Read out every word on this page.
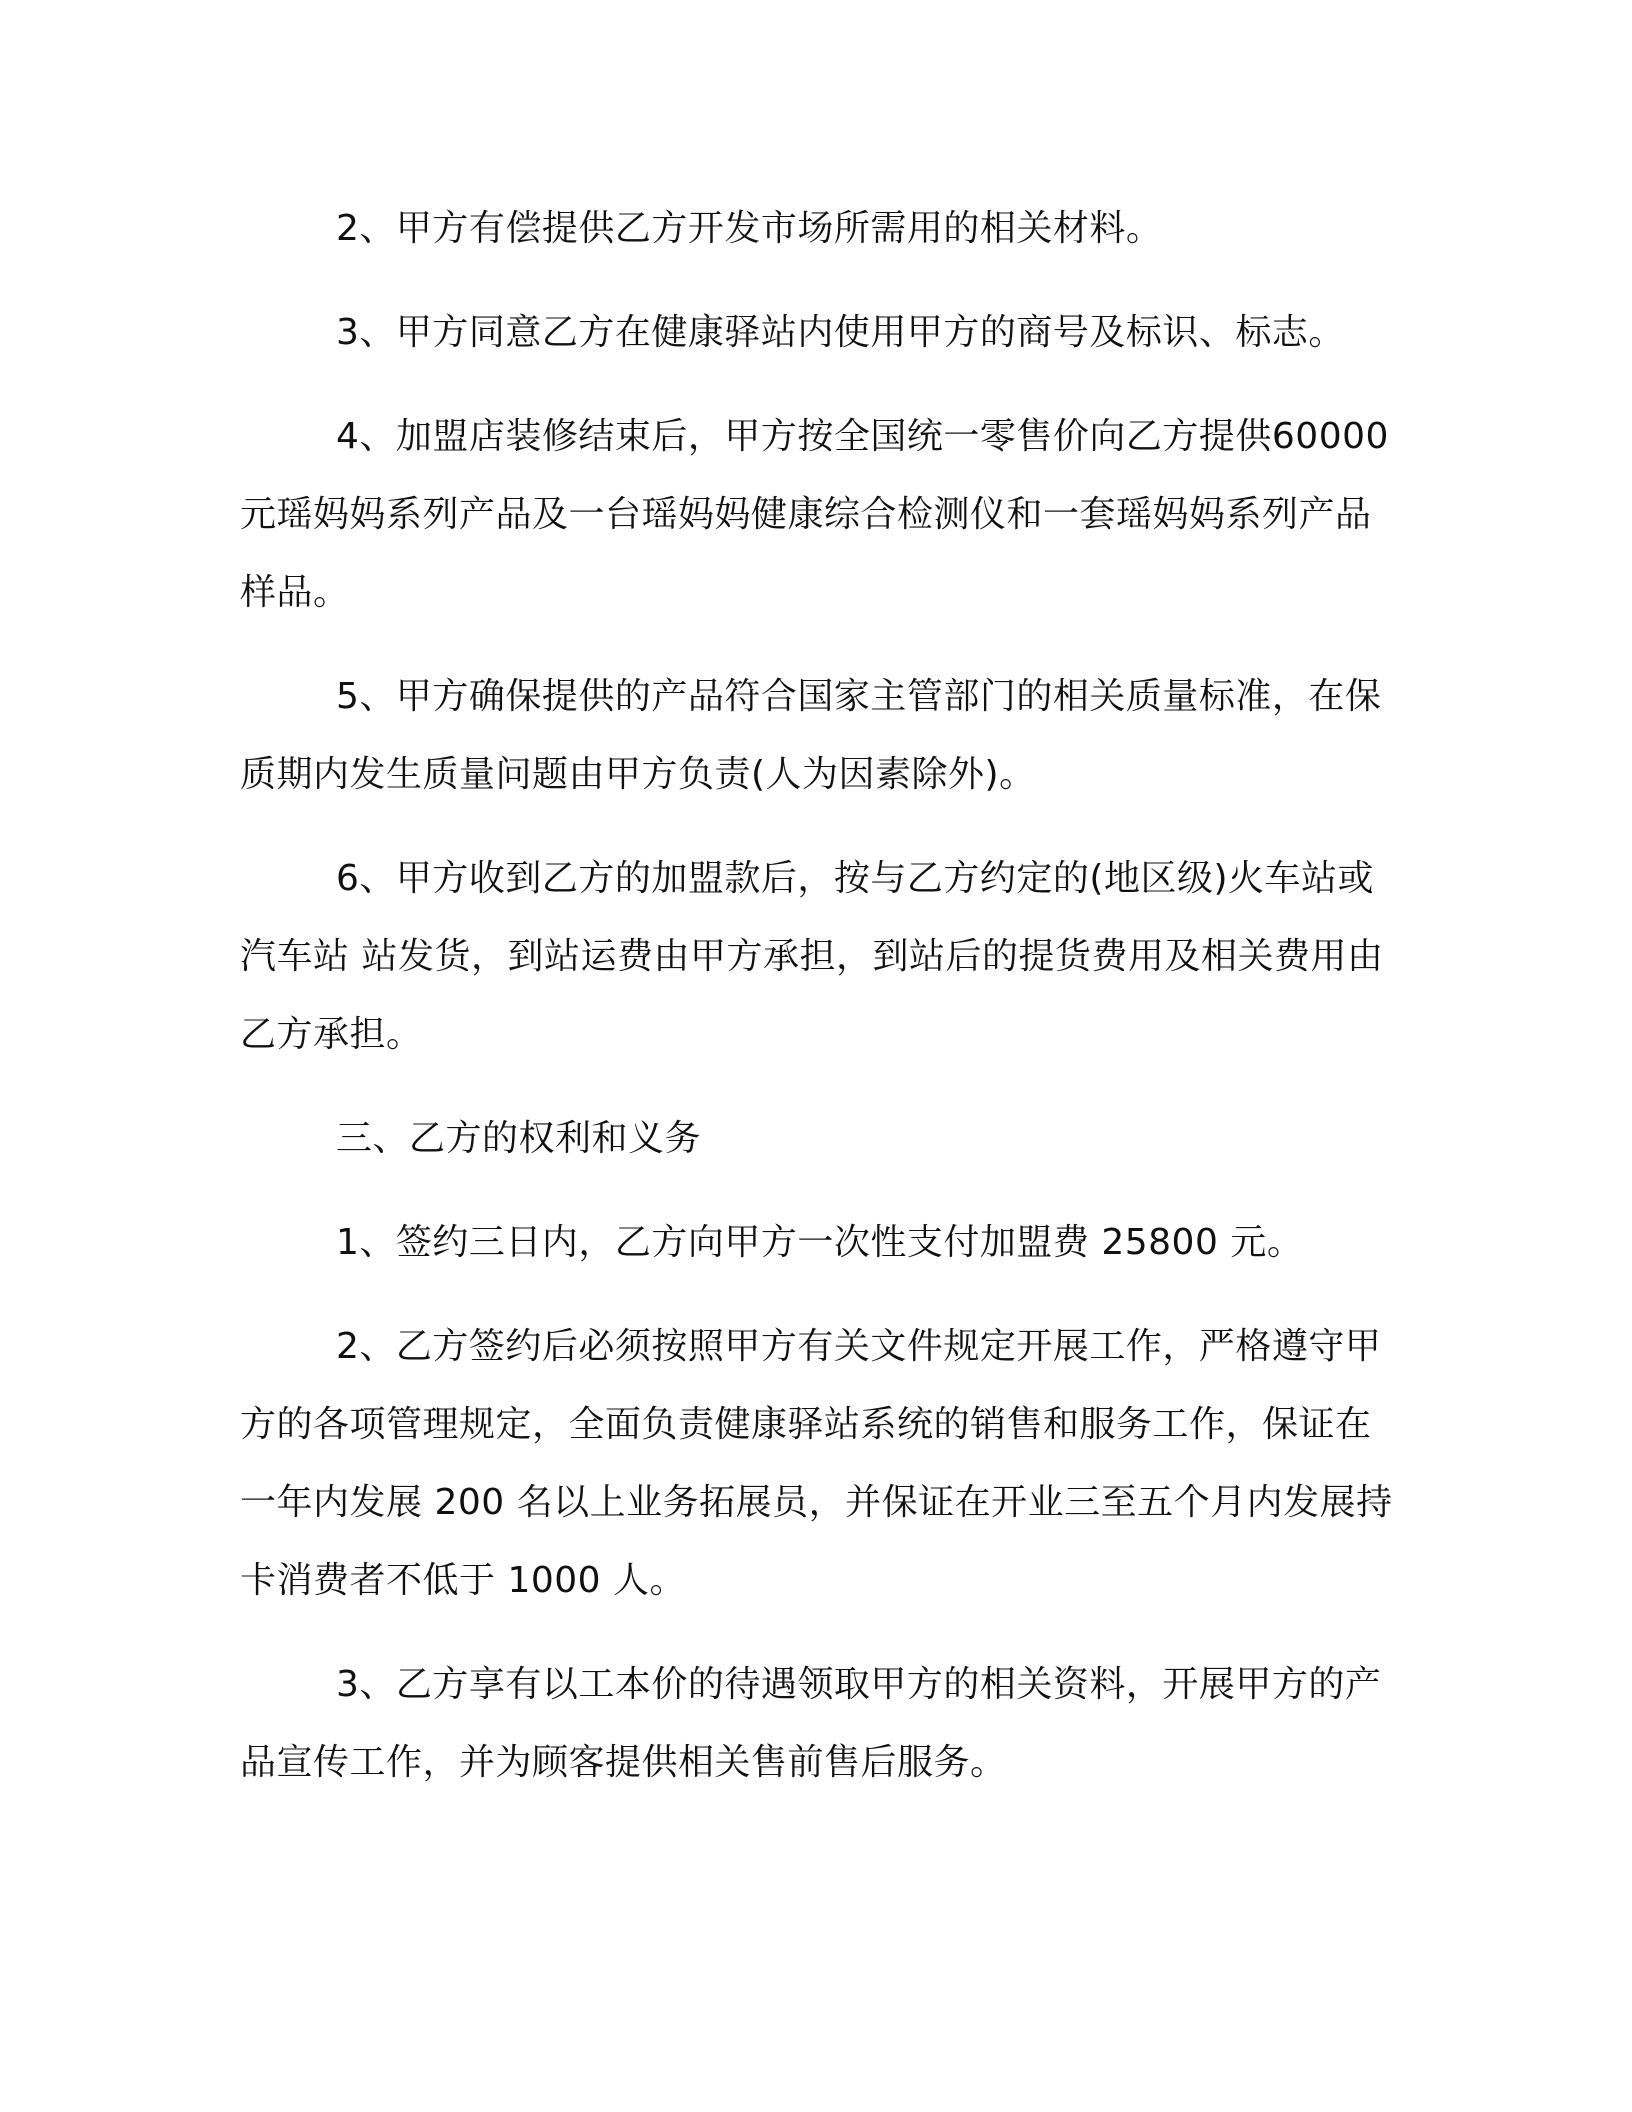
2、甲方有偿提供乙方开发市场所需用的相关材料。

3、甲方同意乙方在健康驿站内使用甲方的商号及标识、标志。

4、加盟店装修结束后，甲方按全国统一零售价向乙方提供60000 元瑶妈妈系列产品及一台瑶妈妈健康综合检测仪和一套瑶妈妈系列产品样品。

5、甲方确保提供的产品符合国家主管部门的相关质量标准，在保质期内发生质量问题由甲方负责(人为因素除外)。

6、甲方收到乙方的加盟款后，按与乙方约定的(地区级)火车站或汽车站 站发货，到站运费由甲方承担，到站后的提货费用及相关费用由乙方承担。

三、乙方的权利和义务

1、签约三日内，乙方向甲方一次性支付加盟费 25800 元。

2、乙方签约后必须按照甲方有关文件规定开展工作，严格遵守甲方的各项管理规定，全面负责健康驿站系统的销售和服务工作，保证在一年内发展 200 名以上业务拓展员，并保证在开业三至五个月内发展持卡消费者不低于 1000 人。

3、乙方享有以工本价的待遇领取甲方的相关资料，开展甲方的产品宣传工作，并为顾客提供相关售前售后服务。
